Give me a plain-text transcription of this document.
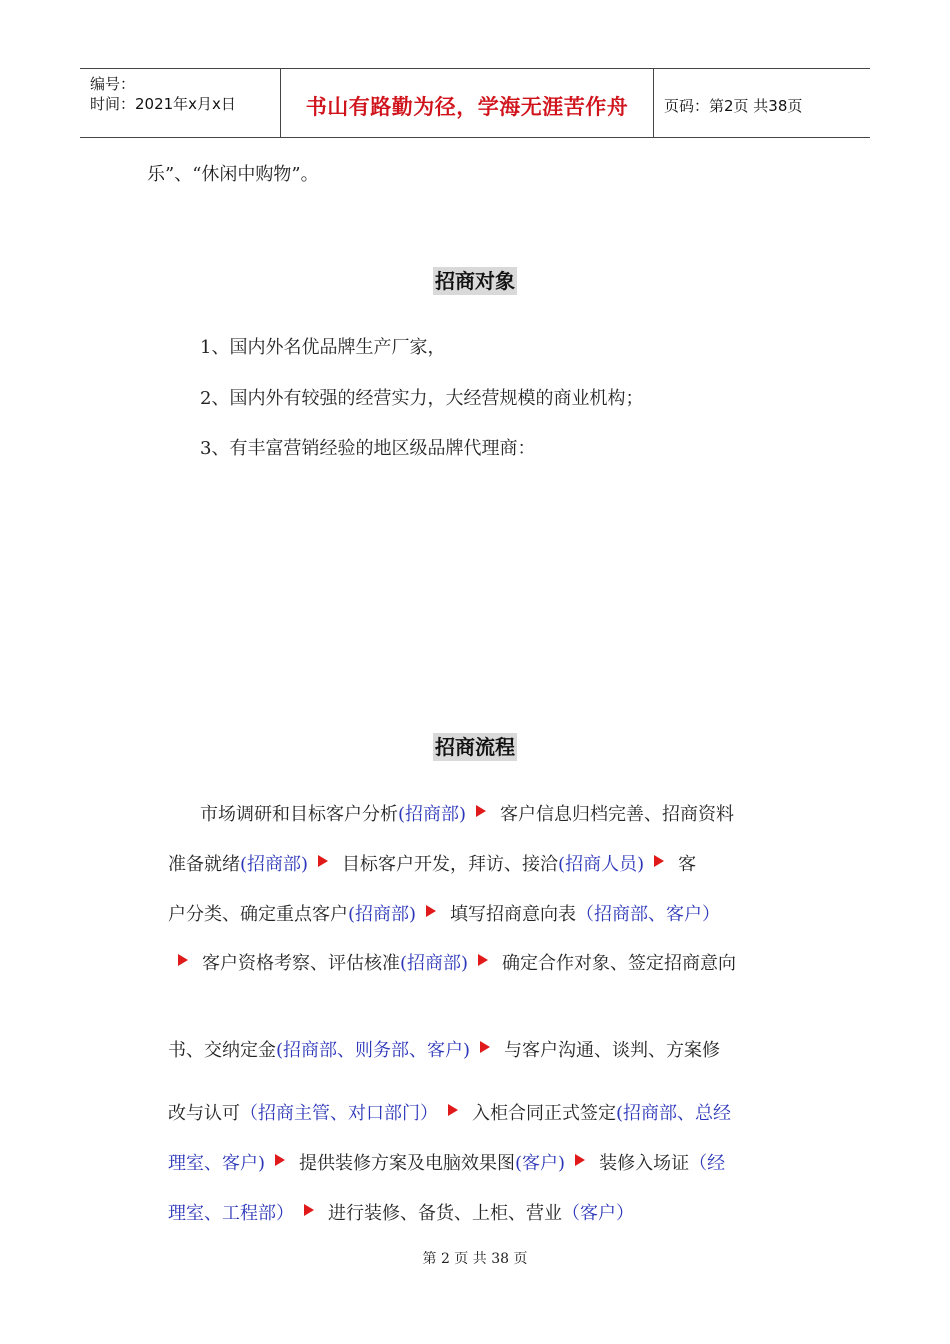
编号：
时间：2021年x月x日	书山有路勤为径，学海无涯苦作舟	页码：第2页 共38页
乐”、“休闲中购物”。
招商对象
1、国内外名优品牌生产厂家，
2、国内外有较强的经营实力，大经营规模的商业机构；
3、有丰富营销经验的地区级品牌代理商：
招商流程
市场调研和目标客户分析(招商部) 客户信息归档完善、招商资料
准备就绪(招商部) 目标客户开发，拜访、接洽(招商人员) 客
户分类、确定重点客户(招商部) 填写招商意向表（招商部、客户）
客户资格考察、评估核准(招商部) 确定合作对象、签定招商意向
书、交纳定金(招商部、则务部、客户) 与客户沟通、谈判、方案修
改与认可（招商主管、对口部门） 入柜合同正式签定(招商部、总经
理室、客户) 提供装修方案及电脑效果图(客户) 装修入场证（经
理室、工程部） 进行装修、备货、上柜、营业（客户）
第 2 页 共 38 页
